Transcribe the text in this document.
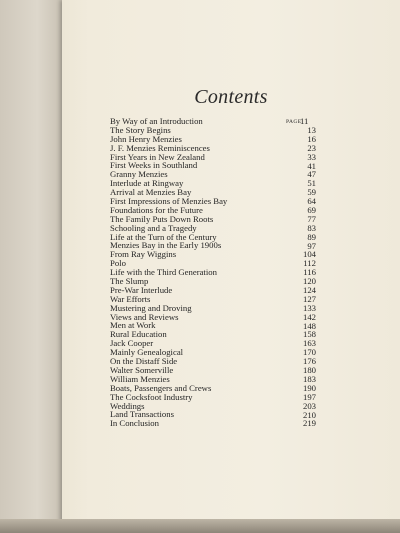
Contents
PAGE
11
By Way of an Introduction
The Story Begins
John Henry Menzies
J. F. Menzies Reminiscences
First Years in New Zealand
First Weeks in Southland
Granny Menzies
Interlude at Ringway
Arrival at Menzies Bay
First Impressions of Menzies Bay
Foundations for the Future
The Family Puts Down Roots
Schooling and a Tragedy
Life at the Turn of the Century
Menzies Bay in the Early 1900s
From Ray Wiggins
Polo
Life with the Third Generation
The Slump
Pre-War Interlude
War Efforts
Mustering and Droving
Views and Reviews
Men at Work
Rural Education
Jack Cooper
Mainly Genealogical
On the Distaff Side
Walter Somerville
William Menzies
Boats, Passengers and Crews
The Cocksfoot Industry
Weddings
Land Transactions
In Conclusion
13
16
23
33
41
47
51
59
64
69
77
83
89
97
104
112
116
120
124
127
133
142
148
158
163
170
176
180
183
190
197
203
210
219
